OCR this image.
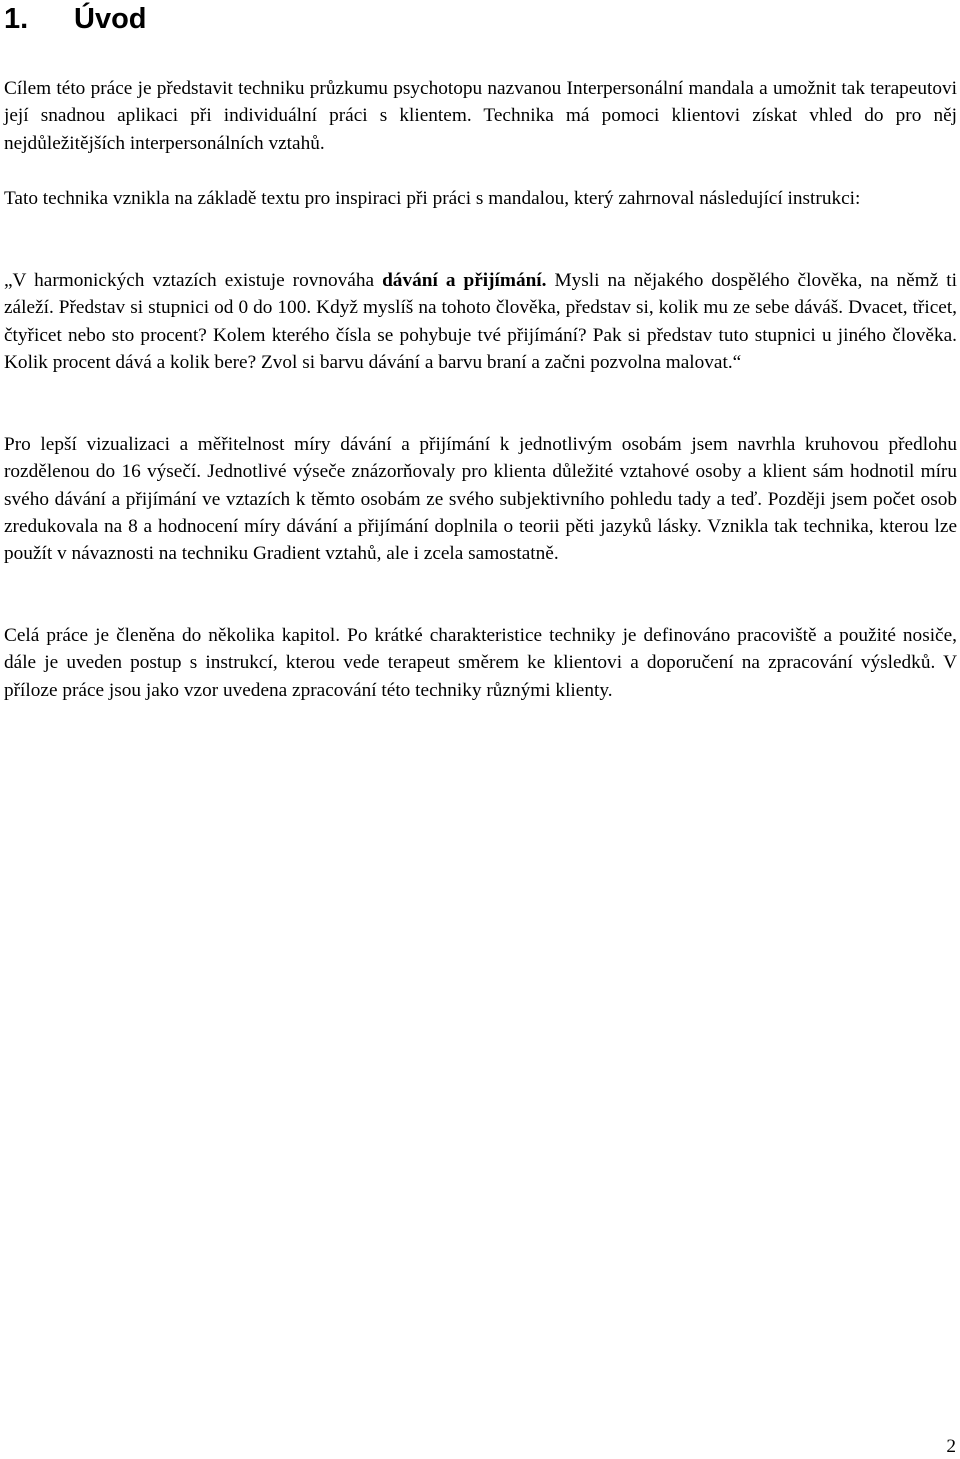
1. Úvod

Cílem této práce je představit techniku průzkumu psychotopu nazvanou Interpersonální mandala a umožnit tak terapeutovi její snadnou aplikaci při individuální práci s klientem. Technika má pomoci klientovi získat vhled do pro něj nejdůležitějších interpersonálních vztahů.

Tato technika vznikla na základě textu pro inspiraci při práci s mandalou, který zahrnoval následující instrukci:

„V harmonických vztazích existuje rovnováha dávání a přijímání. Mysli na nějakého dospělého člověka, na němž ti záleží. Představ si stupnici od 0 do 100. Když myslíš na tohoto člověka, představ si, kolik mu ze sebe dáváš. Dvacet, třicet, čtyřicet nebo sto procent? Kolem kterého čísla se pohybuje tvé přijímání? Pak si představ tuto stupnici u jiného člověka. Kolik procent dává a kolik bere? Zvol si barvu dávání a barvu braní a začni pozvolna malovat.“

Pro lepší vizualizaci a měřitelnost míry dávání a přijímání k jednotlivým osobám jsem navrhla kruhovou předlohu rozdělenou do 16 výsečí. Jednotlivé výseče znázorňovaly pro klienta důležité vztahové osoby a klient sám hodnotil míru svého dávání a přijímání ve vztazích k těmto osobám ze svého subjektivního pohledu tady a teď. Později jsem počet osob zredukovala na 8 a hodnocení míry dávání a přijímání doplnila o teorii pěti jazyků lásky. Vznikla tak technika, kterou lze použít v návaznosti na techniku Gradient vztahů, ale i zcela samostatně.

Celá práce je členěna do několika kapitol. Po krátké charakteristice techniky je definováno pracoviště a použité nosiče, dále je uveden postup s instrukcí, kterou vede terapeut směrem ke klientovi a doporučení na zpracování výsledků. V příloze práce jsou jako vzor uvedena zpracování této techniky různými klienty.

2
